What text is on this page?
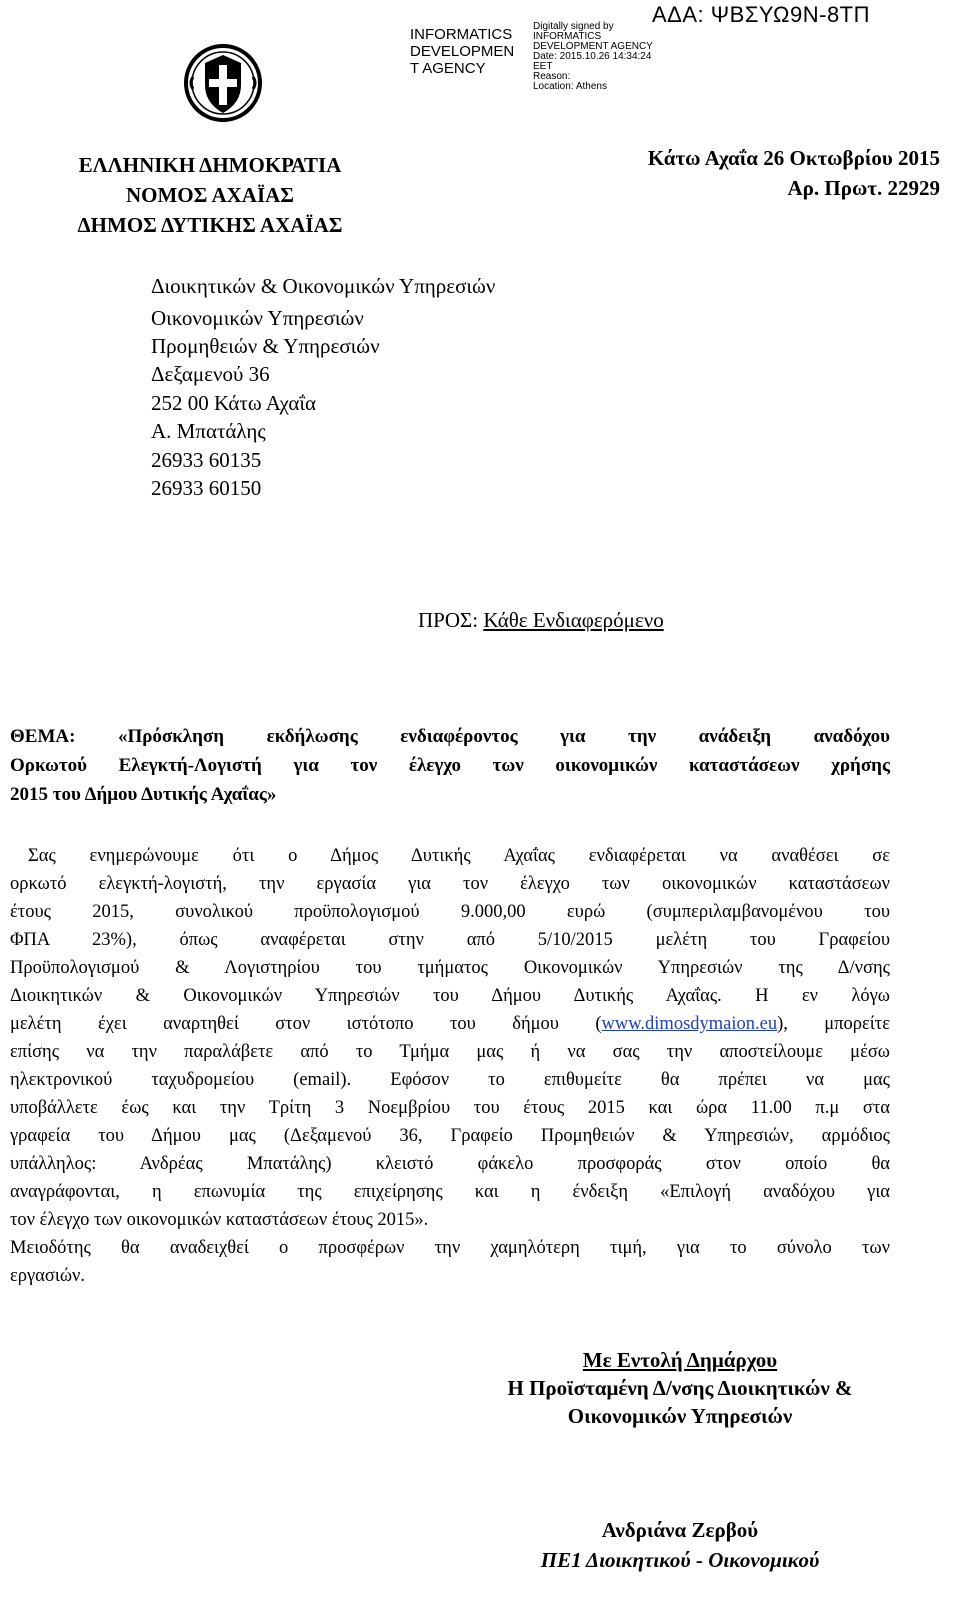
ΑΔΑ: ΨΒΣΥΩ9Ν-8ΤΠ
INFORMATICS
DEVELOPMEN
T AGENCY
Digitally signed by
INFORMATICS
DEVELOPMENT AGENCY
Date: 2015.10.26 14:34:24
EET
Reason:
Location: Athens
ΕΛΛΗΝΙΚΗ ΔΗΜΟΚΡΑΤΙΑ
ΝΟΜΟΣ ΑΧΑΪΑΣ
ΔΗΜΟΣ ΔΥΤΙΚΗΣ ΑΧΑΪΑΣ
Κάτω Αχαΐα 26 Οκτωβρίου 2015
Αρ. Πρωτ. 22929
Διοικητικών & Οικονομικών Υπηρεσιών
Οικονομικών Υπηρεσιών
Προμηθειών & Υπηρεσιών
Δεξαμενού 36
252 00 Κάτω Αχαΐα
Α. Μπατάλης
26933 60135
26933 60150
ΠΡΟΣ: Κάθε Ενδιαφερόμενο
ΘΕΜΑ: «Πρόσκληση εκδήλωσης ενδιαφέροντος για την ανάδειξη αναδόχου
Ορκωτού Ελεγκτή-Λογιστή για τον έλεγχο των οικονομικών καταστάσεων χρήσης
2015 του Δήμου Δυτικής Αχαΐας»
Σας ενημερώνουμε ότι ο Δήμος Δυτικής Αχαΐας ενδιαφέρεται να αναθέσει σε
ορκωτό ελεγκτή-λογιστή, την εργασία για τον έλεγχο των οικονομικών καταστάσεων
έτους 2015, συνολικού προϋπολογισμού 9.000,00 ευρώ (συμπεριλαμβανομένου του
ΦΠΑ 23%), όπως αναφέρεται στην από 5/10/2015 μελέτη του Γραφείου
Προϋπολογισμού & Λογιστηρίου του τμήματος Οικονομικών Υπηρεσιών της Δ/νσης
Διοικητικών & Οικονομικών Υπηρεσιών του Δήμου Δυτικής Αχαΐας. Η εν λόγω
μελέτη έχει αναρτηθεί στον ιστότοπο του δήμου (www.dimosdymaion.eu), μπορείτε
επίσης να την παραλάβετε από το Τμήμα μας ή να σας την αποστείλουμε μέσω
ηλεκτρονικού ταχυδρομείου (email). Εφόσον το επιθυμείτε θα πρέπει να μας
υποβάλλετε έως και την Τρίτη 3 Νοεμβρίου του έτους 2015 και ώρα 11.00 π.μ στα
γραφεία του Δήμου μας (Δεξαμενού 36, Γραφείο Προμηθειών & Υπηρεσιών, αρμόδιος
υπάλληλος: Ανδρέας Μπατάλης) κλειστό φάκελο προσφοράς στον οποίο θα
αναγράφονται, η επωνυμία της επιχείρησης και η ένδειξη «Επιλογή αναδόχου για
τον έλεγχο των οικονομικών καταστάσεων έτους 2015».
Μειοδότης θα αναδειχθεί ο προσφέρων την χαμηλότερη τιμή, για το σύνολο των
εργασιών.
Με Εντολή Δημάρχου
Η Προϊσταμένη Δ/νσης Διοικητικών &
Οικονομικών Υπηρεσιών
Ανδριάνα Ζερβού
ΠΕ1 Διοικητικού - Οικονομικού
